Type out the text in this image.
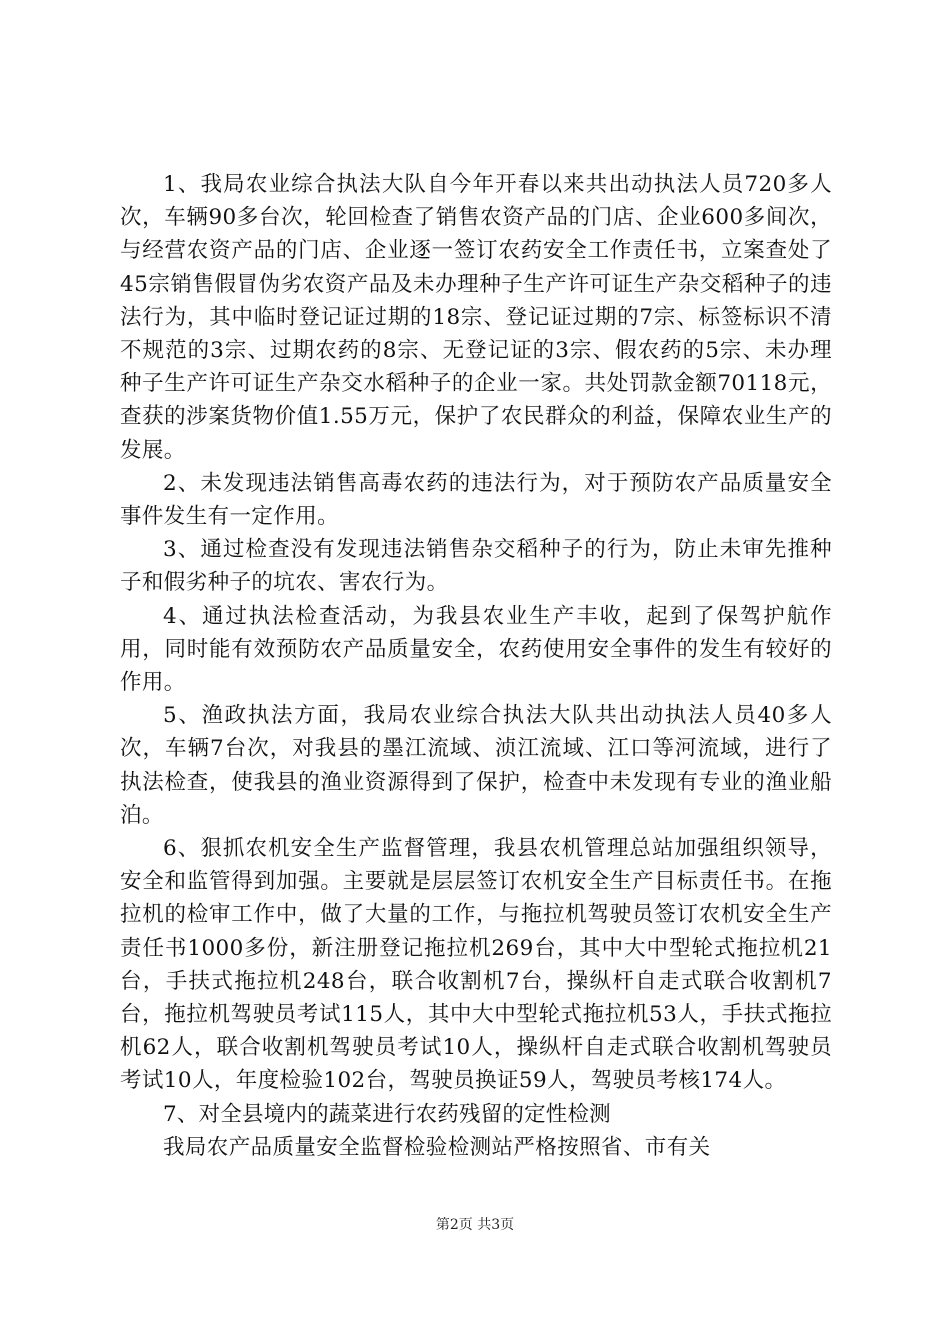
1、我局农业综合执法大队自今年开春以来共出动执法人员720多人次，车辆90多台次，轮回检查了销售农资产品的门店、企业600多间次，与经营农资产品的门店、企业逐一签订农药安全工作责任书，立案查处了45宗销售假冒伪劣农资产品及未办理种子生产许可证生产杂交稻种子的违法行为，其中临时登记证过期的18宗、登记证过期的7宗、标签标识不清不规范的3宗、过期农药的8宗、无登记证的3宗、假农药的5宗、未办理种子生产许可证生产杂交水稻种子的企业一家。共处罚款金额70118元，查获的涉案货物价值1.55万元，保护了农民群众的利益，保障农业生产的发展。

2、未发现违法销售高毒农药的违法行为，对于预防农产品质量安全事件发生有一定作用。

3、通过检查没有发现违法销售杂交稻种子的行为，防止未审先推种子和假劣种子的坑农、害农行为。

4、通过执法检查活动，为我县农业生产丰收，起到了保驾护航作用，同时能有效预防农产品质量安全，农药使用安全事件的发生有较好的作用。

5、渔政执法方面，我局农业综合执法大队共出动执法人员40多人次，车辆7台次，对我县的墨江流域、浈江流域、江口等河流域，进行了执法检查，使我县的渔业资源得到了保护，检查中未发现有专业的渔业船泊。

6、狠抓农机安全生产监督管理，我县农机管理总站加强组织领导，安全和监管得到加强。主要就是层层签订农机安全生产目标责任书。在拖拉机的检审工作中，做了大量的工作，与拖拉机驾驶员签订农机安全生产责任书1000多份，新注册登记拖拉机269台，其中大中型轮式拖拉机21台，手扶式拖拉机248台，联合收割机7台，操纵杆自走式联合收割机7台，拖拉机驾驶员考试115人，其中大中型轮式拖拉机53人，手扶式拖拉机62人，联合收割机驾驶员考试10人，操纵杆自走式联合收割机驾驶员考试10人，年度检验102台，驾驶员换证59人，驾驶员考核174人。

7、对全县境内的蔬菜进行农药残留的定性检测

我局农产品质量安全监督检验检测站严格按照省、市有关

第2页 共3页
